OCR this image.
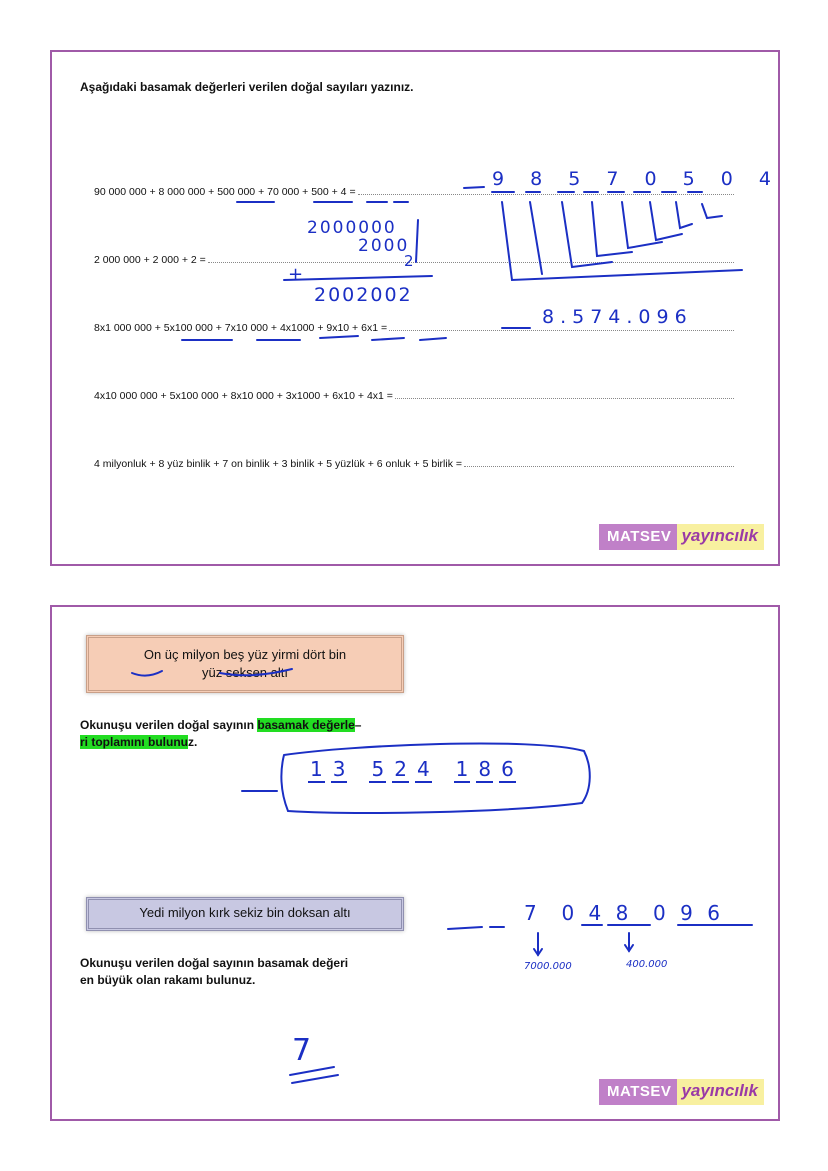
Aşağıdaki basamak değerleri verilen doğal sayıları yazınız.
90 000 000 + 8 000 000 + 500 000 + 70 000 + 500 + 4 =
2 000 000 + 2 000 + 2 =
8x1 000 000 + 5x100 000 + 7x10 000 + 4x1000 + 9x10 + 6x1 =
4x10 000 000 + 5x100 000 + 8x10 000 + 3x1000 + 6x10 + 4x1 =
4 milyonluk + 8 yüz binlik + 7 on binlik + 3 binlik + 5 yüzlük + 6 onluk + 5 birlik =
9 8 5 7 0 5 0 4
2000000
2000
2
+
2002002
8.574.096
MATSEV yayıncılık
On üç milyon beş yüz yirmi dört bin
yüz seksen altı
Okunuşu verilen doğal sayının basamak değerle–
ri toplamını bulunuz.
1 3 5 2 4 1 8 6
Yedi milyon kırk sekiz bin doksan altı
Okunuşu verilen doğal sayının basamak değeri
en büyük olan rakamı bulunuz.
7  0 4 8  0 9 6
7000.000	400.000
7
MATSEV yayıncılık
